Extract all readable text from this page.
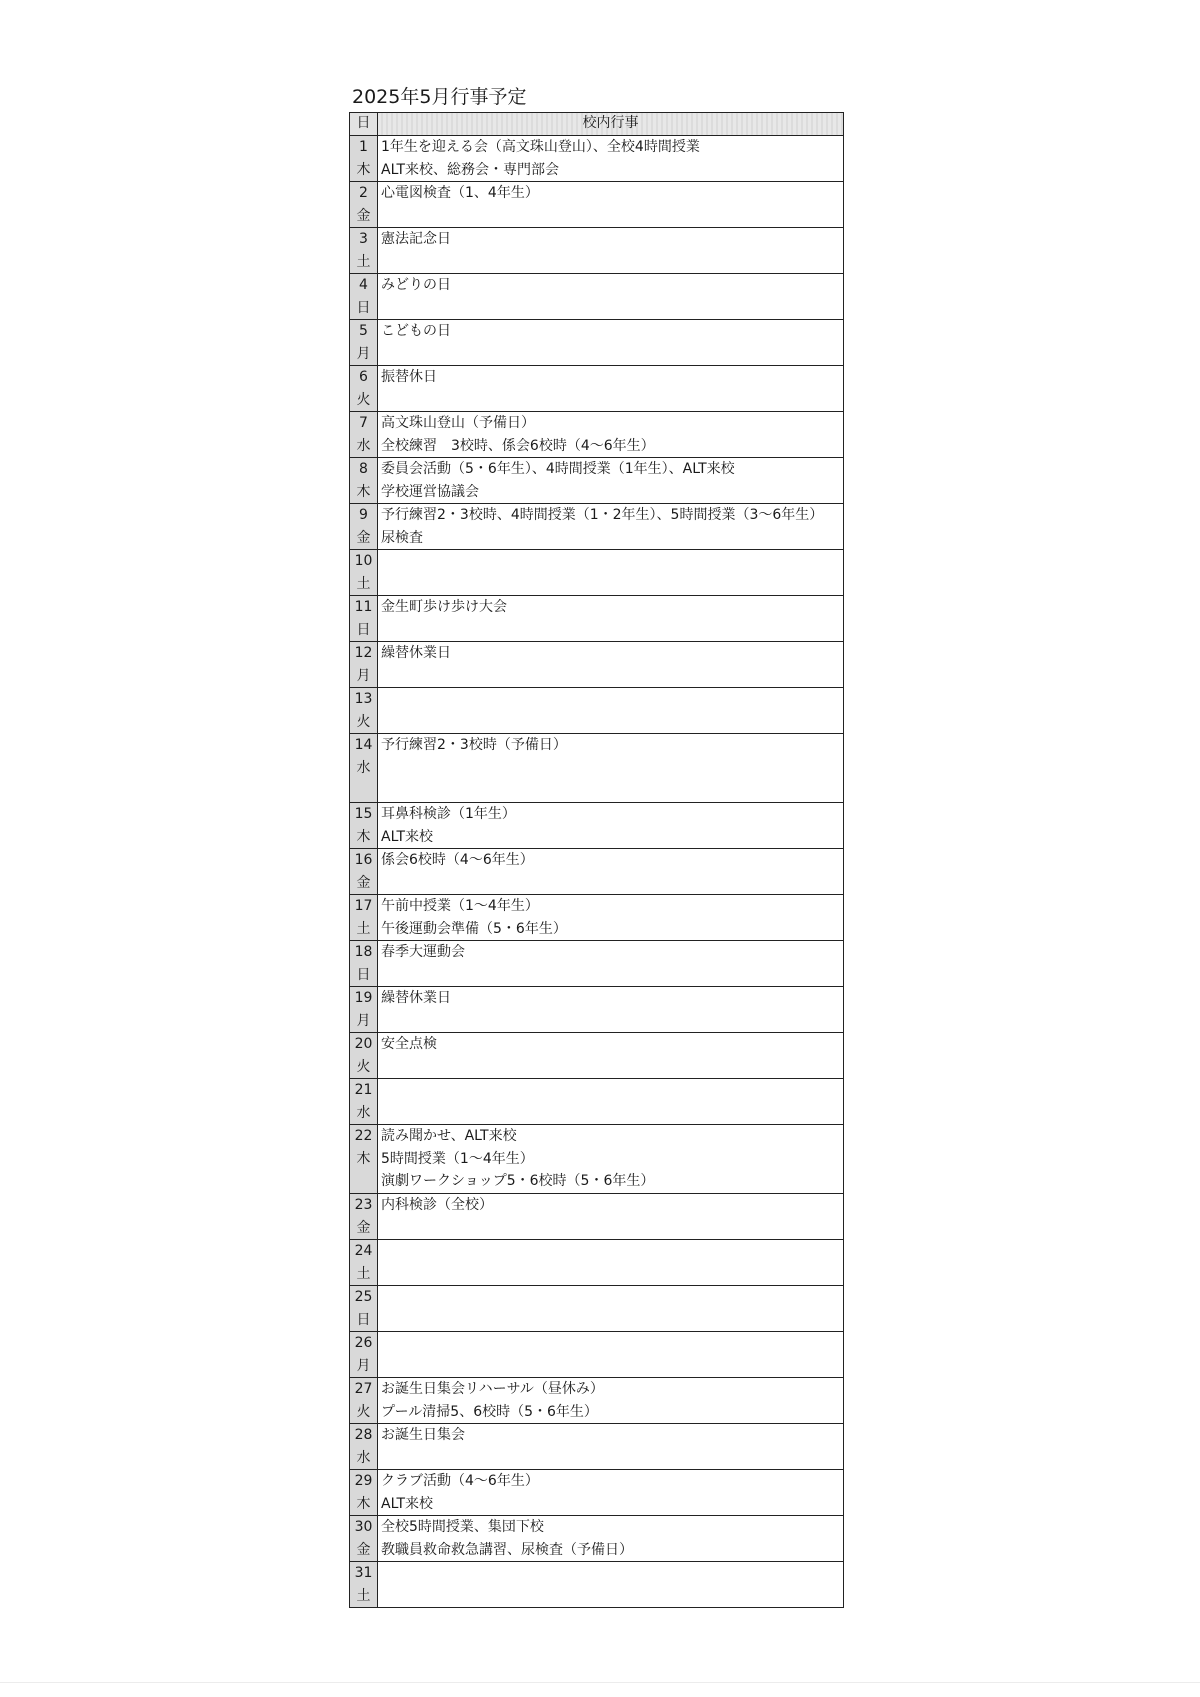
2025年5月行事予定
日	校内行事
1
木
1年生を迎える会（高文珠山登山）、全校4時間授業
ALT来校、総務会・専門部会
2
金
心電図検査（1、4年生）
3
土
憲法記念日
4
日
みどりの日
5
月
こどもの日
6
火
振替休日
7
水
高文珠山登山（予備日）
全校練習　3校時、係会6校時（4～6年生）
8
木
委員会活動（5・6年生）、4時間授業（1年生）、ALT来校
学校運営協議会
9
金
予行練習2・3校時、4時間授業（1・2年生）、5時間授業（3～6年生）
尿検査
10
土
11
日
金生町歩け歩け大会
12
月
繰替休業日
13
火
14
水
予行練習2・3校時（予備日）
15
木
耳鼻科検診（1年生）
ALT来校
16
金
係会6校時（4～6年生）
17
土
午前中授業（1～4年生）
午後運動会準備（5・6年生）
18
日
春季大運動会
19
月
繰替休業日
20
火
安全点検
21
水
22
木
読み聞かせ、ALT来校
5時間授業（1～4年生）
演劇ワークショップ5・6校時（5・6年生）
23
金
内科検診（全校）
24
土
25
日
26
月
27
火
お誕生日集会リハーサル（昼休み）
プール清掃5、6校時（5・6年生）
28
水
お誕生日集会
29
木
クラブ活動（4～6年生）
ALT来校
30
金
全校5時間授業、集団下校
教職員救命救急講習、尿検査（予備日）
31
土
